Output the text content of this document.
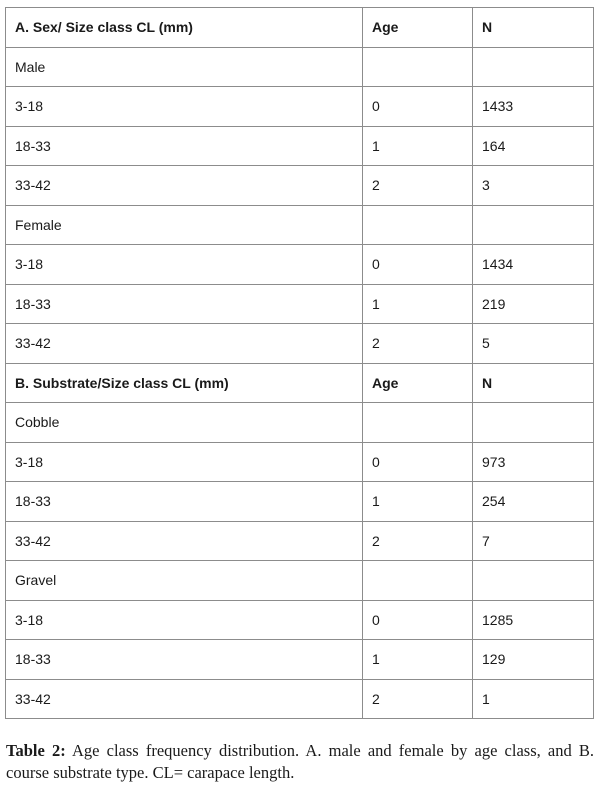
A. Sex/ Size class CL (mm)	Age	N
Male		
3-18	0	1433
18-33	1	164
33-42	2	3
Female		
3-18	0	1434
18-33	1	219
33-42	2	5
B. Substrate/Size class CL (mm)	Age	N
Cobble		
3-18	0	973
18-33	1	254
33-42	2	7
Gravel		
3-18	0	1285
18-33	1	129
33-42	2	1
Table 2: Age class frequency distribution. A. male and female by age class, and B. course substrate type. CL= carapace length.
